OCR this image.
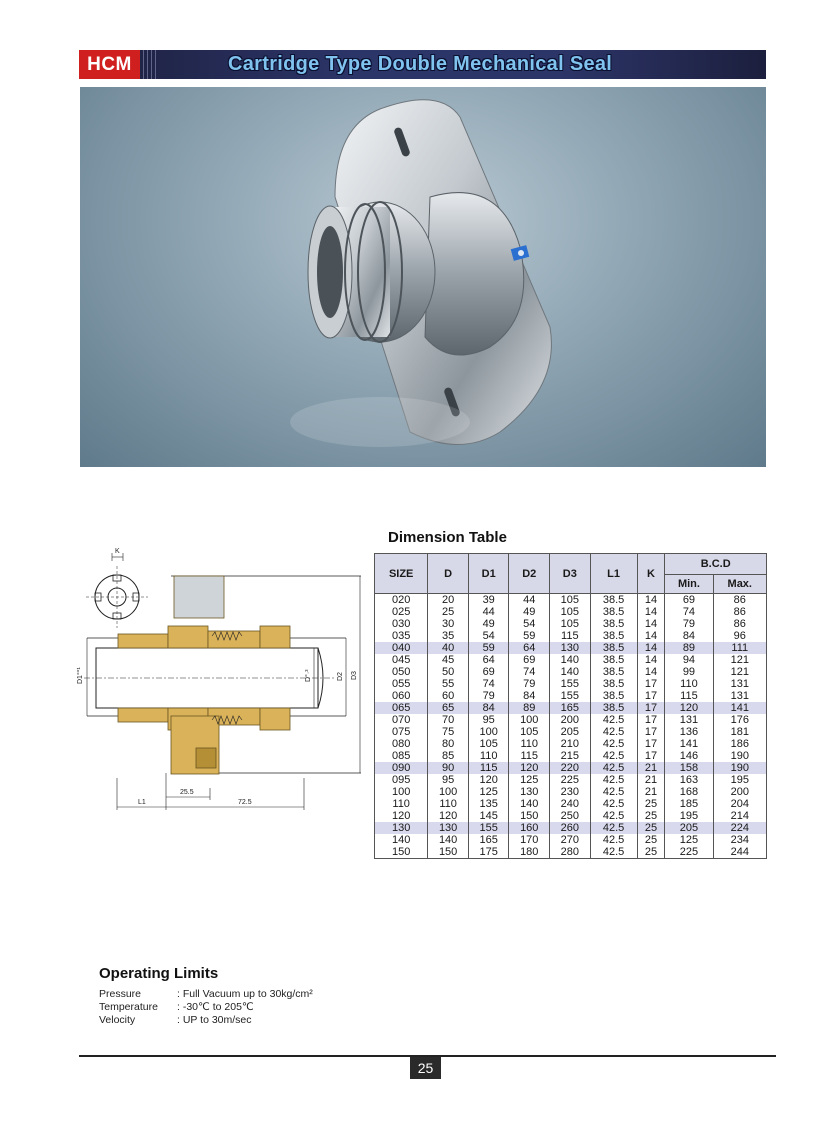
HCM	Cartridge Type Double Mechanical Seal
K
D1°°¹	D°·³	D2 D3
25.5
L1	72.5
Dimension Table
SIZE	D	D1	D2	D3	L1	K	B.C.D	
							Min.	Max.
020	20	39	44	105	38.5	14	69	86
025	25	44	49	105	38.5	14	74	86
030	30	49	54	105	38.5	14	79	86
035	35	54	59	115	38.5	14	84	96
040	40	59	64	130	38.5	14	89	111
045	45	64	69	140	38.5	14	94	121
050	50	69	74	140	38.5	14	99	121
055	55	74	79	155	38.5	17	110	131
060	60	79	84	155	38.5	17	115	131
065	65	84	89	165	38.5	17	120	141
070	70	95	100	200	42.5	17	131	176
075	75	100	105	205	42.5	17	136	181
080	80	105	110	210	42.5	17	141	186
085	85	110	115	215	42.5	17	146	190
090	90	115	120	220	42.5	21	158	190
095	95	120	125	225	42.5	21	163	195
100	100	125	130	230	42.5	21	168	200
110	110	135	140	240	42.5	25	185	204
120	120	145	150	250	42.5	25	195	214
130	130	155	160	260	42.5	25	205	224
140	140	165	170	270	42.5	25	125	234
150	150	175	180	280	42.5	25	225	244
Operating Limits
Pressure	: Full Vacuum up to 30kg/cm²
Temperature	: -30℃ to 205℃
Velocity	: UP to 30m/sec
25
